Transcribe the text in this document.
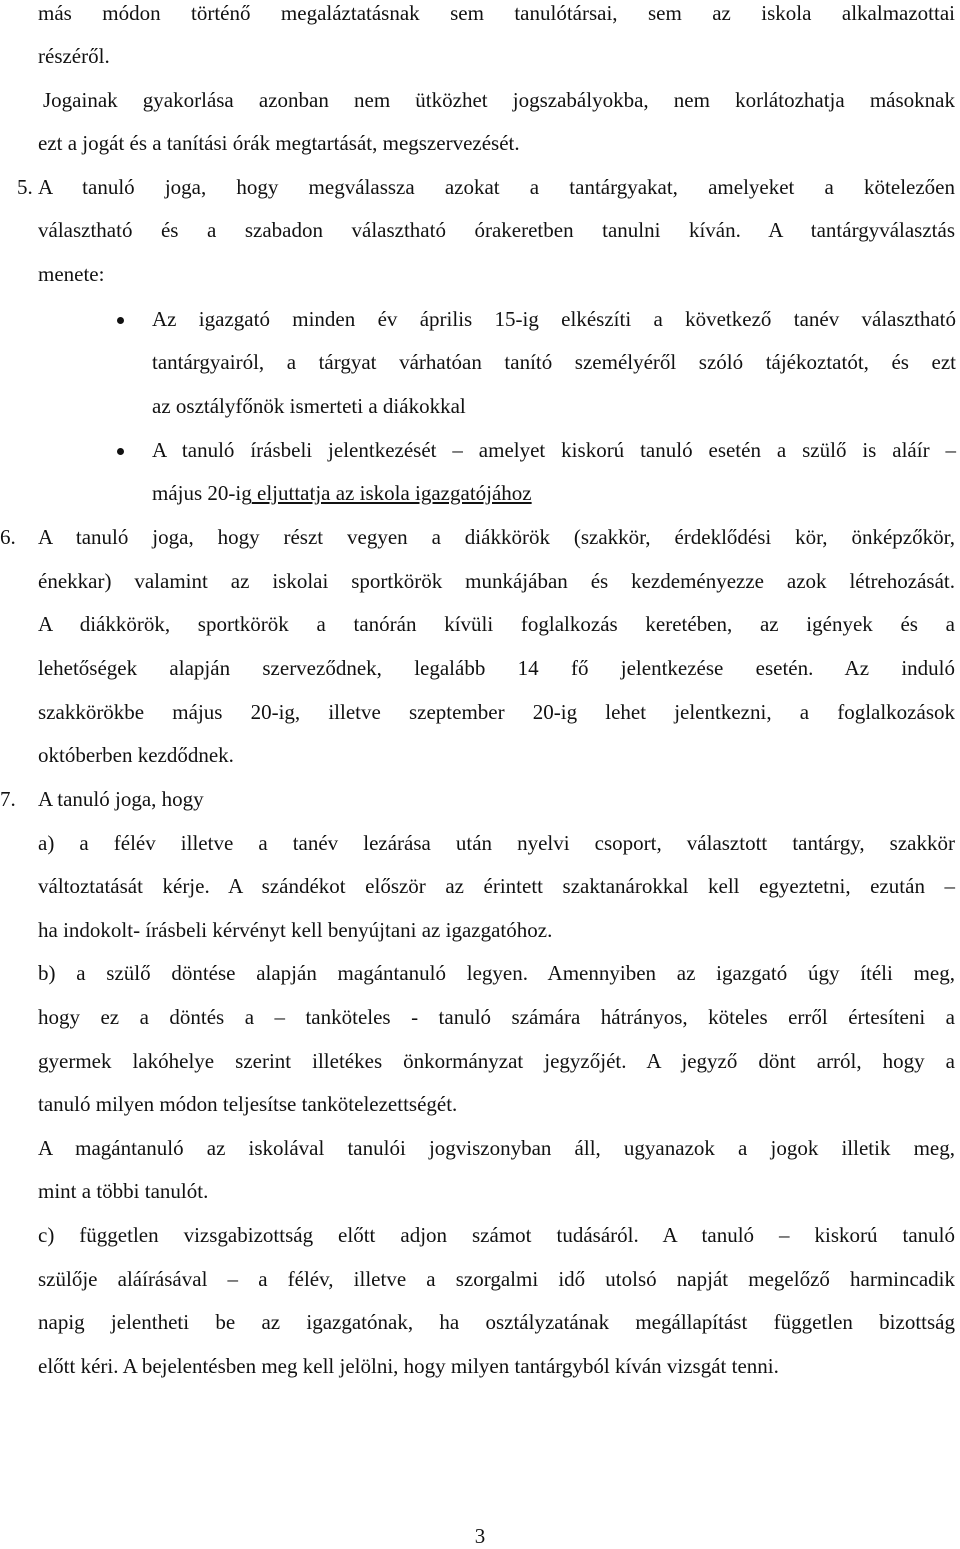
más módon történő megaláztatásnak sem tanulótársai, sem az iskola alkalmazottai
részéről.
Jogainak gyakorlása azonban nem ütközhet jogszabályokba, nem korlátozhatja másoknak
ezt a jogát és a tanítási órák megtartását, megszervezését.
5. A tanuló joga, hogy megválassza azokat a tantárgyakat, amelyeket a kötelezően
választható és a szabadon választható órakeretben tanulni kíván. A tantárgyválasztás
menete:
Az igazgató minden év április 15-ig elkészíti a következő tanév választható
tantárgyairól, a tárgyat várhatóan tanító személyéről szóló tájékoztatót, és ezt
az osztályfőnök ismerteti a diákokkal
A tanuló írásbeli jelentkezését – amelyet kiskorú tanuló esetén a szülő is aláír –
május 20-ig eljuttatja az iskola igazgatójához
6. A tanuló joga, hogy részt vegyen a diákkörök (szakkör, érdeklődési kör, önképzőkör,
énekkar) valamint az iskolai sportkörök munkájában és kezdeményezze azok létrehozását.
A diákkörök, sportkörök a tanórán kívüli foglalkozás keretében, az igények és a
lehetőségek alapján szerveződnek, legalább 14 fő jelentkezése esetén. Az induló
szakkörökbe május 20-ig, illetve szeptember 20-ig lehet jelentkezni, a foglalkozások
októberben kezdődnek.
7. A tanuló joga, hogy
a) a félév illetve a tanév lezárása után nyelvi csoport, választott tantárgy, szakkör
változtatását kérje. A szándékot először az érintett szaktanárokkal kell egyeztetni, ezután –
ha indokolt- írásbeli kérvényt kell benyújtani az igazgatóhoz.
b) a szülő döntése alapján magántanuló legyen. Amennyiben az igazgató úgy ítéli meg,
hogy ez a döntés a – tanköteles - tanuló számára hátrányos, köteles erről értesíteni a
gyermek lakóhelye szerint illetékes önkormányzat jegyzőjét. A jegyző dönt arról, hogy a
tanuló milyen módon teljesítse tankötelezettségét.
A magántanuló az iskolával tanulói jogviszonyban áll, ugyanazok a jogok illetik meg,
mint a többi tanulót.
c) független vizsgabizottság előtt adjon számot tudásáról. A tanuló – kiskorú tanuló
szülője aláírásával – a félév, illetve a szorgalmi idő utolsó napját megelőző harmincadik
napig jelentheti be az igazgatónak, ha osztályzatának megállapítást független bizottság
előtt kéri. A bejelentésben meg kell jelölni, hogy milyen tantárgyból kíván vizsgát tenni.
3
